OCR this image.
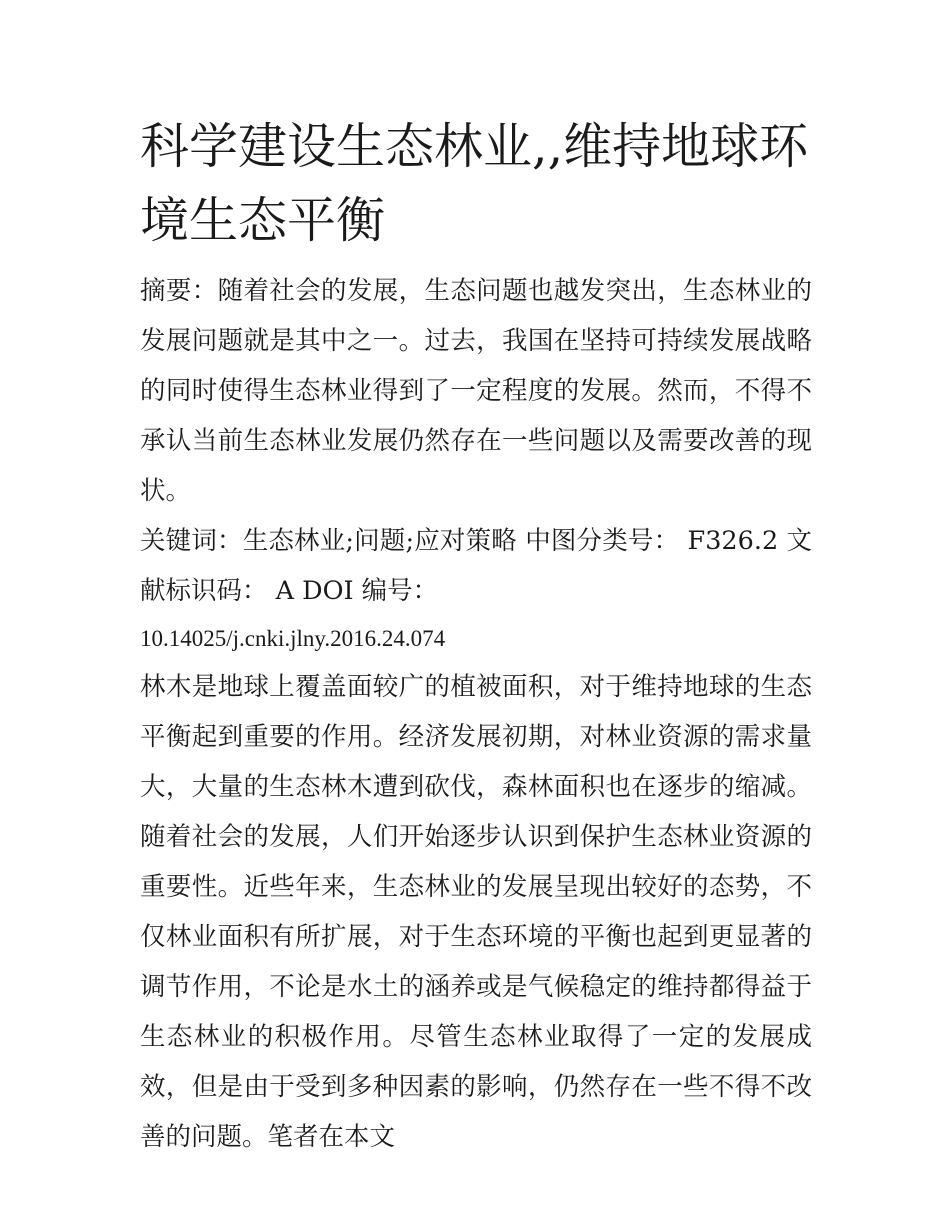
科学建设生态林业,,维持地球环境生态平衡

摘要：随着社会的发展，生态问题也越发突出，生态林业的发展问题就是其中之一。过去，我国在坚持可持续发展战略的同时使得生态林业得到了一定程度的发展。然而，不得不承认当前生态林业发展仍然存在一些问题以及需要改善的现状。

关键词：生态林业;问题;应对策略 中图分类号： F326.2 文献标识码： A DOI 编号：

10.14025/j.cnki.jlny.2016.24.074

林木是地球上覆盖面较广的植被面积，对于维持地球的生态平衡起到重要的作用。经济发展初期，对林业资源的需求量大，大量的生态林木遭到砍伐，森林面积也在逐步的缩减。随着社会的发展，人们开始逐步认识到保护生态林业资源的重要性。近些年来，生态林业的发展呈现出较好的态势，不仅林业面积有所扩展，对于生态环境的平衡也起到更显著的调节作用，不论是水土的涵养或是气候稳定的维持都得益于生态林业的积极作用。尽管生态林业取得了一定的发展成效，但是由于受到多种因素的影响，仍然存在一些不得不改善的问题。笔者在本文
